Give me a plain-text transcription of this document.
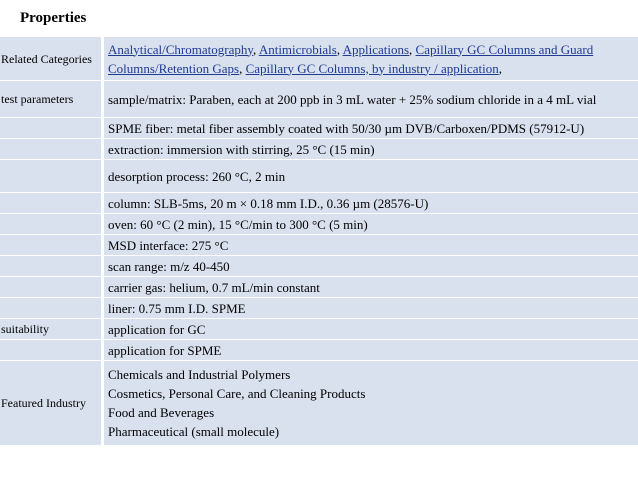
Properties
Related Categories		Analytical/Chromatography, Antimicrobials, Applications, Capillary GC Columns and Guard Columns/Retention Gaps, Capillary GC Columns, by industry / application,
test parameters		sample/matrix: Paraben, each at 200 ppb in 3 mL water + 25% sodium chloride in a 4 mL vial
		SPME fiber: metal fiber assembly coated with 50/30 µm DVB/Carboxen/PDMS (57912-U)
		extraction: immersion with stirring, 25 °C (15 min)
		desorption process: 260 °C, 2 min
		column: SLB-5ms, 20 m × 0.18 mm I.D., 0.36 µm (28576-U)
		oven: 60 °C (2 min), 15 °C/min to 300 °C (5 min)
		MSD interface: 275 °C
		scan range: m/z 40-450
		carrier gas: helium, 0.7 mL/min constant
		liner: 0.75 mm I.D. SPME
suitability		application for GC
		application for SPME
Featured Industry		Chemicals and Industrial Polymers
Cosmetics, Personal Care, and Cleaning Products
Food and Beverages
Pharmaceutical (small molecule)
